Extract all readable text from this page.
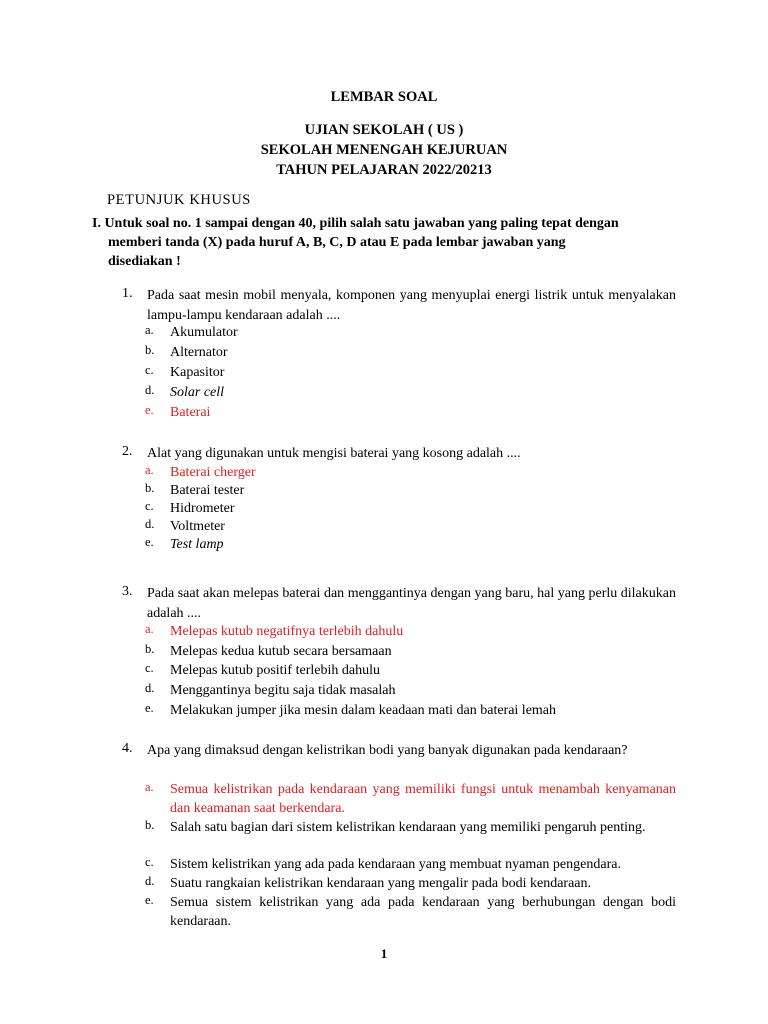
LEMBAR SOAL
UJIAN SEKOLAH ( US )
SEKOLAH MENENGAH KEJURUAN
TAHUN PELAJARAN 2022/20213
PETUNJUK KHUSUS
I. Untuk soal no. 1 sampai dengan 40, pilih salah satu jawaban yang paling tepat dengan
memberi tanda (X) pada huruf A, B, C, D atau E pada lembar jawaban yang
disediakan !
1. Pada saat mesin mobil menyala, komponen yang menyuplai energi listrik untuk menyalakan lampu-lampu kendaraan adalah ....
a. Akumulator
b. Alternator
c. Kapasitor
d. Solar cell
e. Baterai
2. Alat yang digunakan untuk mengisi baterai yang kosong adalah ....
a. Baterai cherger
b. Baterai tester
c. Hidrometer
d. Voltmeter
e. Test lamp
3. Pada saat akan melepas baterai dan menggantinya dengan yang baru, hal yang perlu dilakukan adalah ....
a. Melepas kutub negatifnya terlebih dahulu
b. Melepas kedua kutub secara bersamaan
c. Melepas kutub positif terlebih dahulu
d. Menggantinya begitu saja tidak masalah
e. Melakukan jumper jika mesin dalam keadaan mati dan baterai lemah
4. Apa yang dimaksud dengan kelistrikan bodi yang banyak digunakan pada kendaraan?
a. Semua kelistrikan pada kendaraan yang memiliki fungsi untuk menambah kenyamanan dan keamanan saat berkendara.
b. Salah satu bagian dari sistem kelistrikan kendaraan yang memiliki pengaruh penting.
c. Sistem kelistrikan yang ada pada kendaraan yang membuat nyaman pengendara.
d. Suatu rangkaian kelistrikan kendaraan yang mengalir pada bodi kendaraan.
e. Semua sistem kelistrikan yang ada pada kendaraan yang berhubungan dengan bodi kendaraan.
1
